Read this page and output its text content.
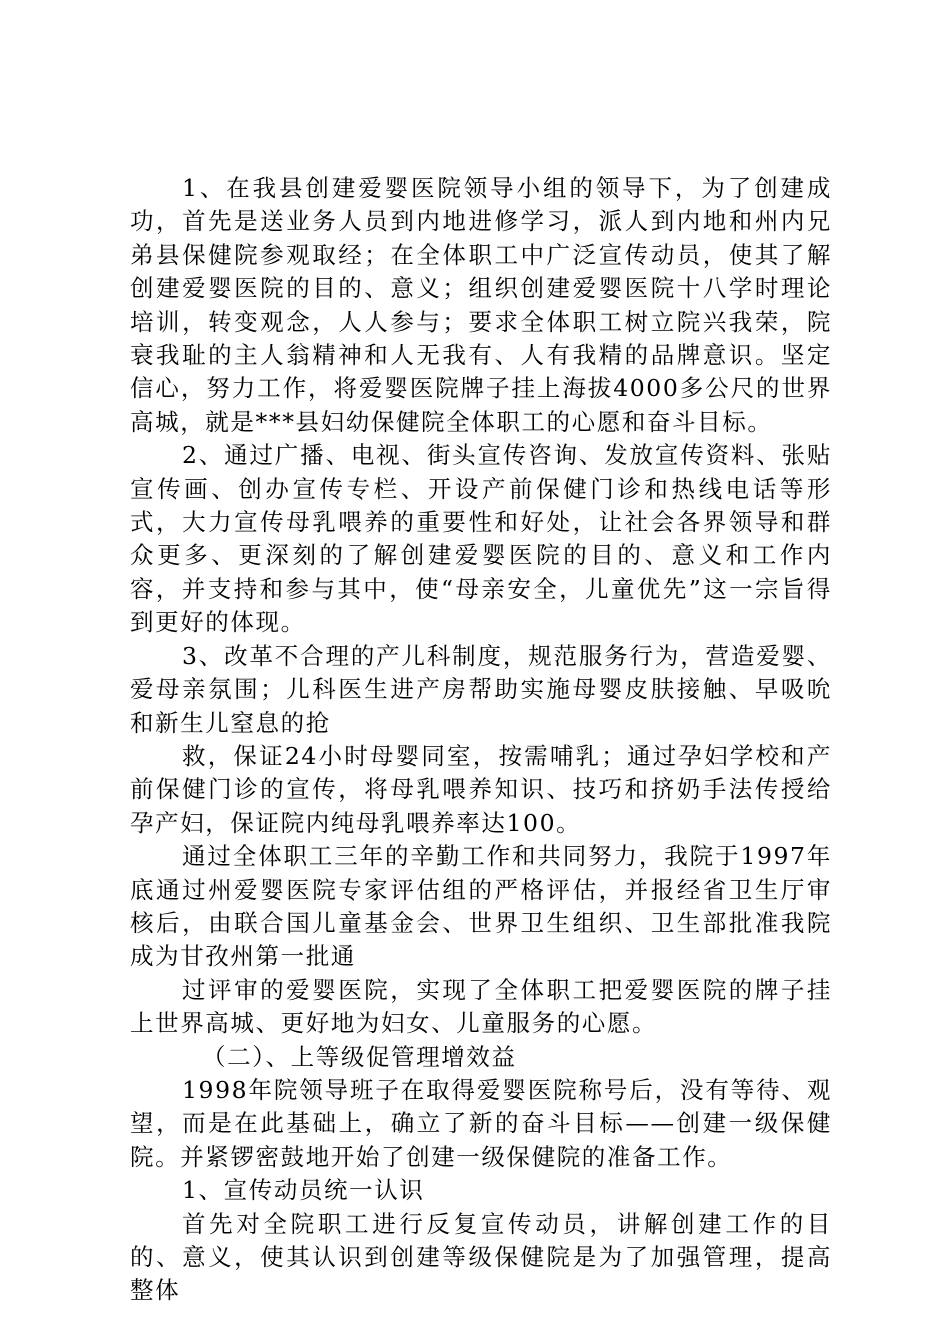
1、在我县创建爱婴医院领导小组的领导下，为了创建成功，首先是送业务人员到内地进修学习，派人到内地和州内兄弟县保健院参观取经；在全体职工中广泛宣传动员，使其了解创建爱婴医院的目的、意义；组织创建爱婴医院十八学时理论培训，转变观念，人人参与；要求全体职工树立院兴我荣，院衰我耻的主人翁精神和人无我有、人有我精的品牌意识。坚定信心，努力工作，将爱婴医院牌子挂上海拔4000多公尺的世界高城，就是***县妇幼保健院全体职工的心愿和奋斗目标。

2、通过广播、电视、街头宣传咨询、发放宣传资料、张贴宣传画、创办宣传专栏、开设产前保健门诊和热线电话等形式，大力宣传母乳喂养的重要性和好处，让社会各界领导和群众更多、更深刻的了解创建爱婴医院的目的、意义和工作内容，并支持和参与其中，使“母亲安全，儿童优先”这一宗旨得到更好的体现。

3、改革不合理的产儿科制度，规范服务行为，营造爱婴、爱母亲氛围；儿科医生进产房帮助实施母婴皮肤接触、早吸吮和新生儿窒息的抢

救，保证24小时母婴同室，按需哺乳；通过孕妇学校和产前保健门诊的宣传，将母乳喂养知识、技巧和挤奶手法传授给孕产妇，保证院内纯母乳喂养率达100。

通过全体职工三年的辛勤工作和共同努力，我院于1997年底通过州爱婴医院专家评估组的严格评估，并报经省卫生厅审核后，由联合国儿童基金会、世界卫生组织、卫生部批准我院成为甘孜州第一批通

过评审的爱婴医院，实现了全体职工把爱婴医院的牌子挂上世界高城、更好地为妇女、儿童服务的心愿。

（二）、上等级促管理增效益

1998年院领导班子在取得爱婴医院称号后，没有等待、观望，而是在此基础上，确立了新的奋斗目标——创建一级保健院。并紧锣密鼓地开始了创建一级保健院的准备工作。

1、宣传动员统一认识

首先对全院职工进行反复宣传动员，讲解创建工作的目的、意义，使其认识到创建等级保健院是为了加强管理，提高整体
